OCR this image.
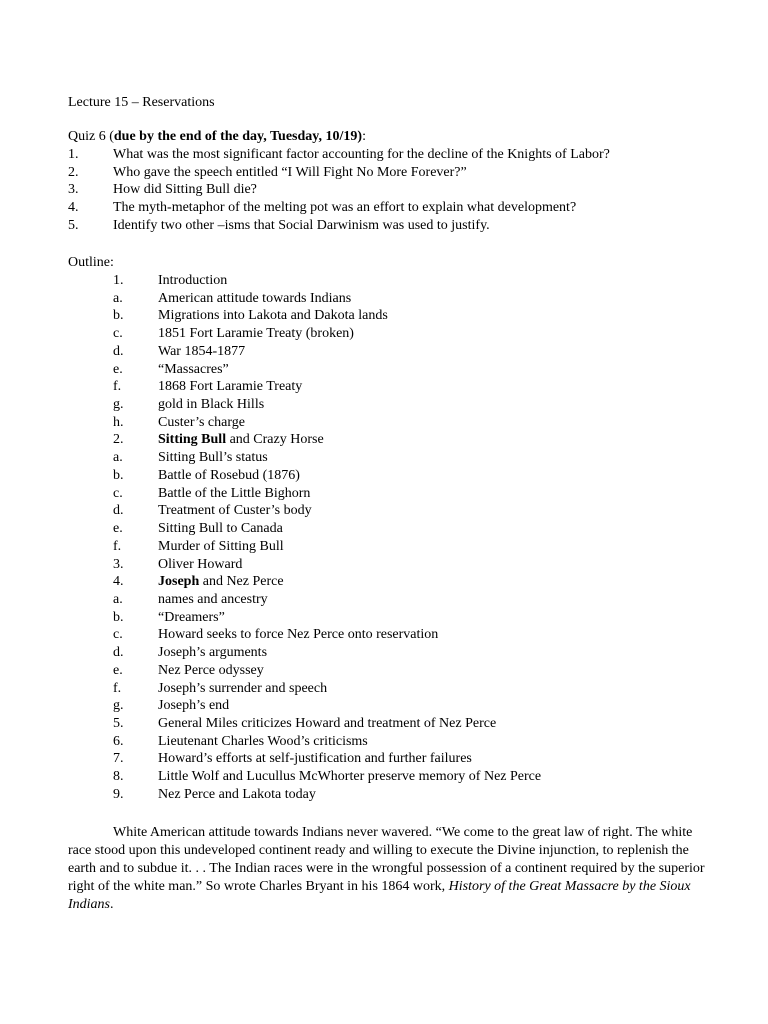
Lecture 15 – Reservations
Quiz 6 (due by the end of the day, Tuesday, 10/19):
1. What was the most significant factor accounting for the decline of the Knights of Labor?
2. Who gave the speech entitled “I Will Fight No More Forever?”
3. How did Sitting Bull die?
4. The myth-metaphor of the melting pot was an effort to explain what development?
5. Identify two other –isms that Social Darwinism was used to justify.
Outline:
1. Introduction
a.	American attitude towards Indians
b. Migrations into Lakota and Dakota lands
c.	1851 Fort Laramie Treaty (broken)
d. War 1854-1877
e.	“Massacres”
f.	1868 Fort Laramie Treaty
g. gold in Black Hills
h. Custer’s charge
2. Sitting Bull and Crazy Horse
a.	Sitting Bull’s status
b. Battle of Rosebud (1876)
c.	Battle of the Little Bighorn
d. Treatment of Custer’s body
e.	Sitting Bull to Canada
f.	Murder of Sitting Bull
3. Oliver Howard
4. Joseph and Nez Perce
a.	names and ancestry
b. “Dreamers”
c.	Howard seeks to force Nez Perce onto reservation
d. Joseph’s arguments
e.	Nez Perce odyssey
f.	Joseph’s surrender and speech
g. Joseph’s end
5. General Miles criticizes Howard and treatment of Nez Perce
6. Lieutenant Charles Wood’s criticisms
7. Howard’s efforts at self-justification and further failures
8. Little Wolf and Lucullus McWhorter preserve memory of Nez Perce
9. Nez Perce and Lakota today
White American attitude towards Indians never wavered. “We come to the great law of right. The white race stood upon this undeveloped continent ready and willing to execute the Divine injunction, to replenish the earth and to subdue it. . . The Indian races were in the wrongful possession of a continent required by the superior right of the white man.” So wrote Charles Bryant in his 1864 work, History of the Great Massacre by the Sioux Indians.
